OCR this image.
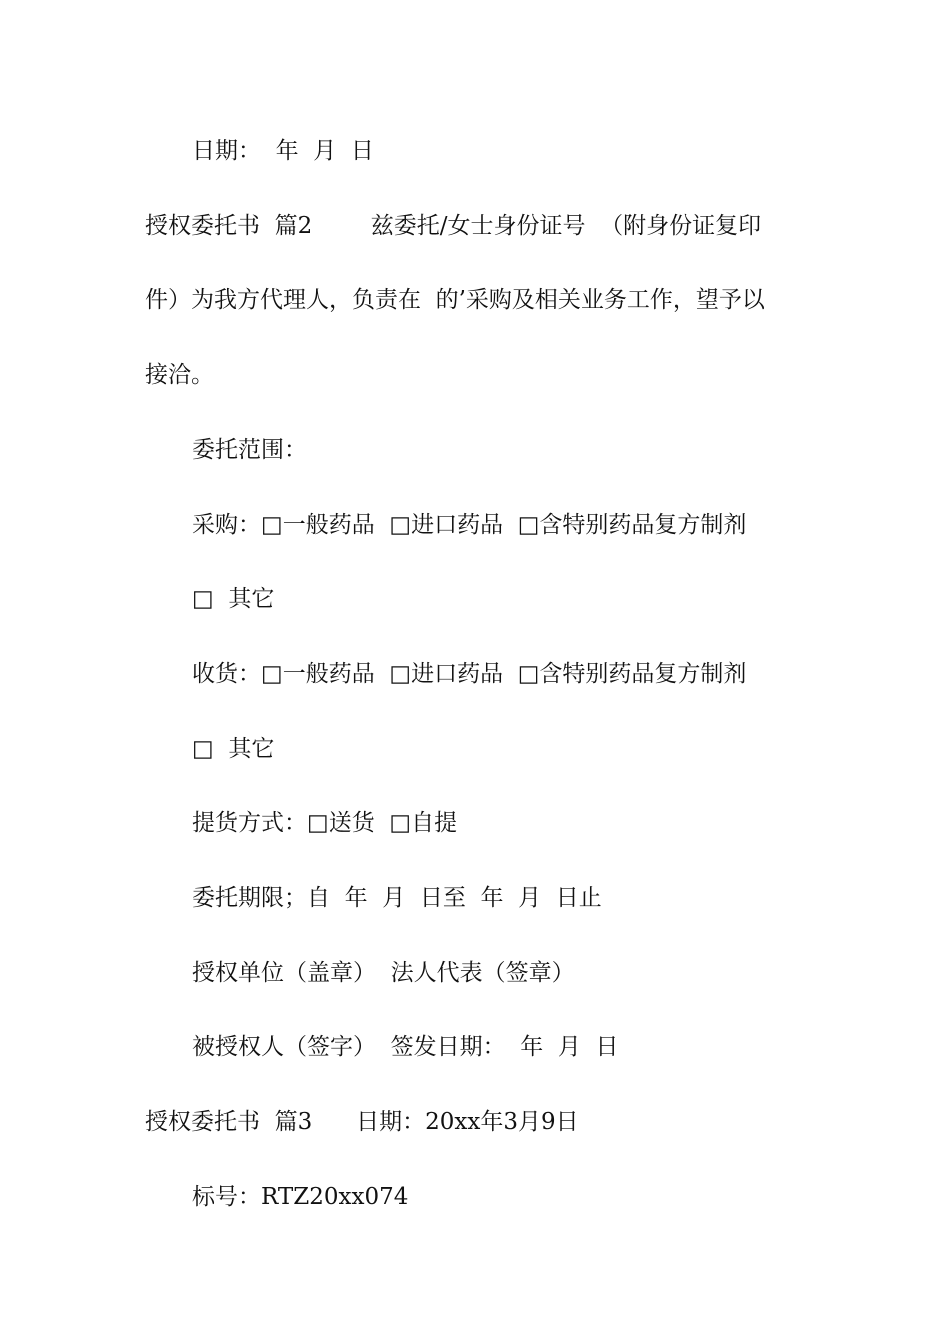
日期：  年  月  日

授权委托书  篇2        兹委托/女士身份证号  （附身份证复印

件）为我方代理人，负责在  的’采购及相关业务工作，望予以

接洽。

委托范围：

采购：□一般药品  □进口药品  □含特别药品复方制剂

□  其它

收货：□一般药品  □进口药品  □含特别药品复方制剂

□  其它

提货方式：□送货  □自提

委托期限；自  年  月  日至  年  月  日止

授权单位（盖章）  法人代表（签章）

被授权人（签字）  签发日期：  年  月  日

授权委托书  篇3      日期：20xx年3月9日

标号：RTZ20xx074
